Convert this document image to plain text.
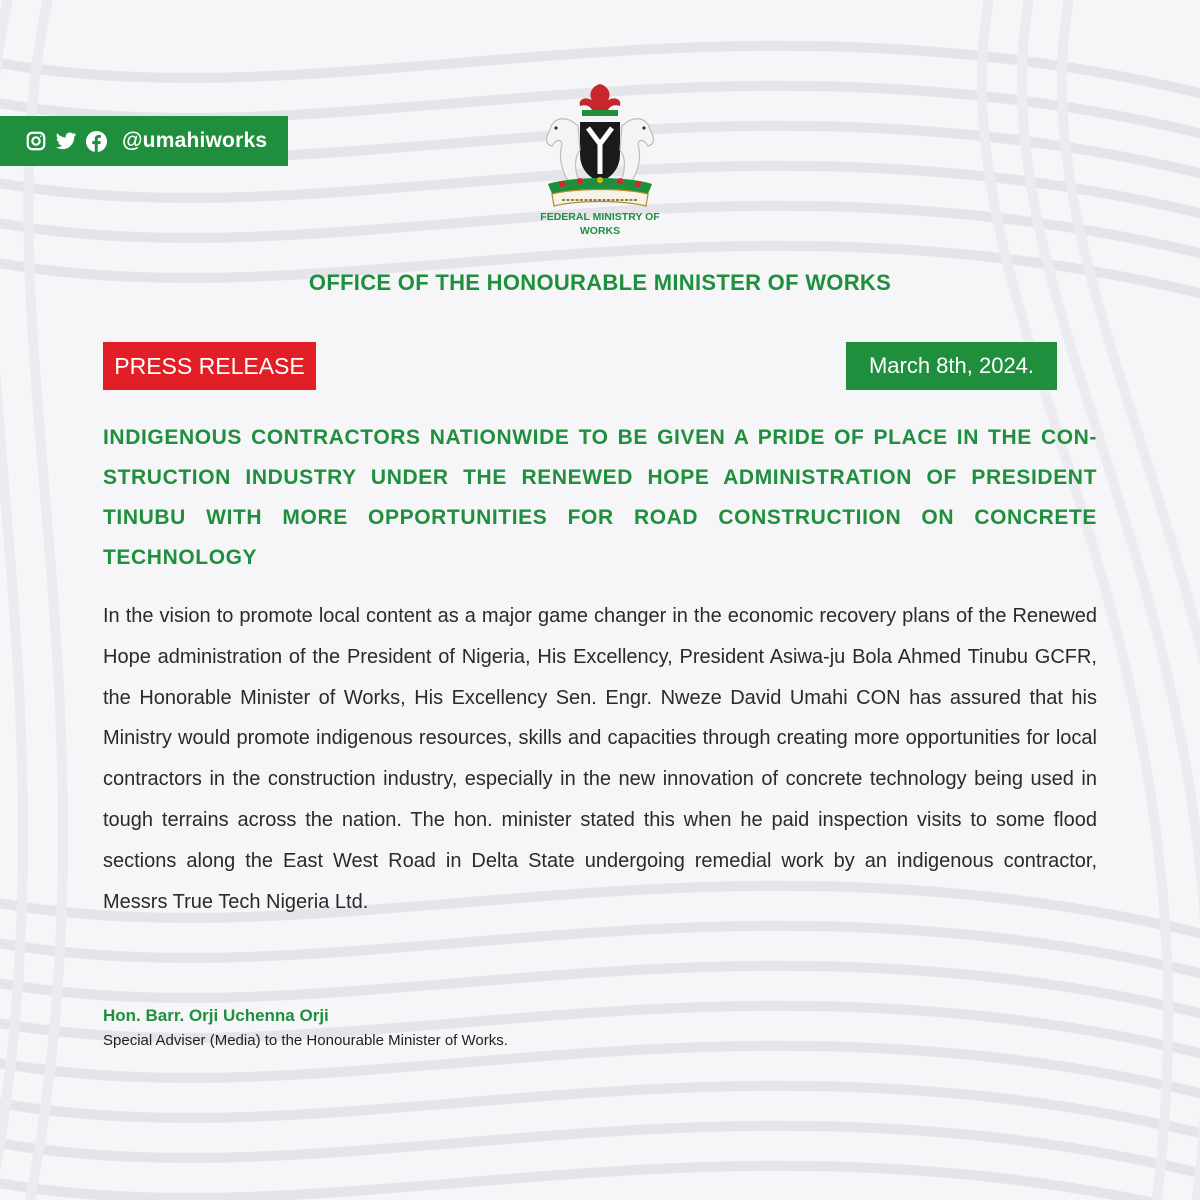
@umahiworks
FEDERAL MINISTRY OF
WORKS
OFFICE OF THE HONOURABLE MINISTER OF WORKS
PRESS RELEASE	March 8th, 2024.
INDIGENOUS CONTRACTORS NATIONWIDE TO BE GIVEN A PRIDE OF PLACE IN THE CON-STRUCTION INDUSTRY UNDER THE RENEWED HOPE ADMINISTRATION OF PRESIDENT TINUBU WITH MORE OPPORTUNITIES FOR ROAD CONSTRUCTIION ON CONCRETE TECHNOLOGY
In the vision to promote local content as a major game changer in the economic recovery plans of the Renewed Hope administration of the President of Nigeria, His Excellency, President Asiwa-ju Bola Ahmed Tinubu GCFR, the Honorable Minister of Works, His Excellency Sen. Engr. Nweze David Umahi CON has assured that his Ministry would promote indigenous resources, skills and capacities through creating more opportunities for local contractors in the construction industry, especially in the new innovation of concrete technology being used in tough terrains across the nation. The hon. minister stated this when he paid inspection visits to some flood sections along the East West Road in Delta State undergoing remedial work by an indigenous contractor, Messrs True Tech Nigeria Ltd.
Hon. Barr. Orji Uchenna Orji
Special Adviser (Media) to the Honourable Minister of Works.
